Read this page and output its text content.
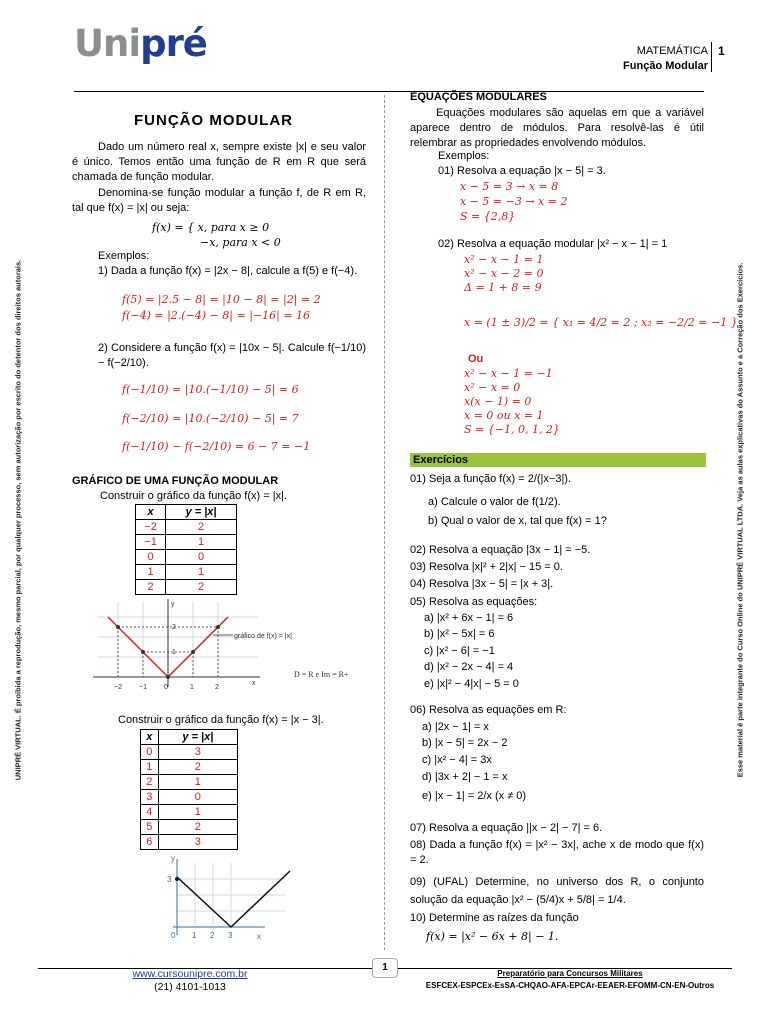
Unipré	MATEMÁTICA
Função Modular
1
UNIPRÉ VIRTUAL. É proibida a reprodução, mesmo parcial, por qualquer processo, sem autorização por escrito do detentor dos direitos autorais.	Esse material é parte integrante do Curso Online do UNIPRÉ VIRTUAL LTDA. Veja as aulas explicativas do Assunto e a Correção dos Exercícios.
FUNÇÃO MODULAR
Dado um número real x, sempre existe |x| e seu valor é único. Temos então uma função de R em R que será chamada de função modular.
Denomina-se função modular a função f, de R em R, tal que f(x) = |x| ou seja:
f(x) = { x, para x ≥ 0
−x, para x < 0
Exemplos:
1) Dada a função f(x) = |2x − 8|, calcule a f(5) e f(−4).
f(5) = |2.5 − 8| = |10 − 8| = |2| = 2
f(−4) = |2.(−4) − 8| = |−16| = 16
2) Considere a função f(x) = |10x − 5|. Calcule f(−1/10) − f(−2/10).
f(−1/10) = |10.(−1/10) − 5| = 6
f(−2/10) = |10.(−2/10) − 5| = 7
f(−1/10) − f(−2/10) = 6 − 7 = −1
GRÁFICO DE UMA FUNÇÃO MODULAR
Construir o gráfico da função f(x) = |x|.
x	y = |x|
−2	2
−1	1
0	0
1	1
2	2
gráfico de f(x) = |x|
D = R e Im = R+
−2 −1 0	1	2
x
y
2
1
Construir o gráfico da função f(x) = |x − 3|.
x	y = |x|
0	3
1	2
2	1
3	0
4	1
5	2
6	3
0 1 2 3	x
y
3
EQUAÇÕES MODULARES
Equações modulares são aquelas em que a variável aparece dentro de módulos. Para resolvê-las é útil relembrar as propriedades envolvendo módulos.
Exemplos:
01) Resolva a equação |x − 5| = 3.
x − 5 = 3 → x = 8
x − 5 = −3 → x = 2
S = {2,8}
02) Resolva a equação modular |x² − x − 1| = 1
x² − x − 1 = 1
x² − x − 2 = 0
Δ = 1 + 8 = 9
x = (1 ± 3)/2 = { x₁ = 4/2 = 2 ; x₂ = −2/2 = −1 }
Ou
x² − x − 1 = −1
x² − x = 0
x(x − 1) = 0
x = 0 ou x = 1
S = {−1, 0, 1, 2}
Exercícios
01) Seja a função f(x) = 2/(|x−3|).
a) Calcule o valor de f(1/2).
b) Qual o valor de x, tal que f(x) = 1?
02) Resolva a equação |3x − 1| = −5.
03) Resolva |x|² + 2|x| − 15 = 0.
04) Resolva |3x − 5| = |x + 3|.
05) Resolva as equações:
a) |x² + 6x − 1| = 6
b) |x² − 5x| = 6
c) |x² − 6| = −1
d) |x² − 2x − 4| = 4
e) |x|² − 4|x| − 5 = 0
06) Resolva as equações em R:
a) |2x − 1| = x
b) |x − 5| = 2x − 2
c) |x² − 4| = 3x
d) |3x + 2| − 1 = x
e) |x − 1| = 2/x (x ≠ 0)
07) Resolva a equação ||x − 2| − 7| = 6.
08) Dada a função f(x) = |x² − 3x|, ache x de modo que f(x) = 2.
09) (UFAL) Determine, no universo dos R, o conjunto solução da equação |x² − (5/4)x + 5/8| = 1/4.
10) Determine as raízes da função
f(x) = |x² − 6x + 8| − 1.
1
www.cursounipre.com.br
(21) 4101-1013
Preparatório para Concursos Militares
ESFCEX-ESPCEx-EsSA-CHQAO-AFA-EPCAr-EEAER-EFOMM-CN-EN-Outros
